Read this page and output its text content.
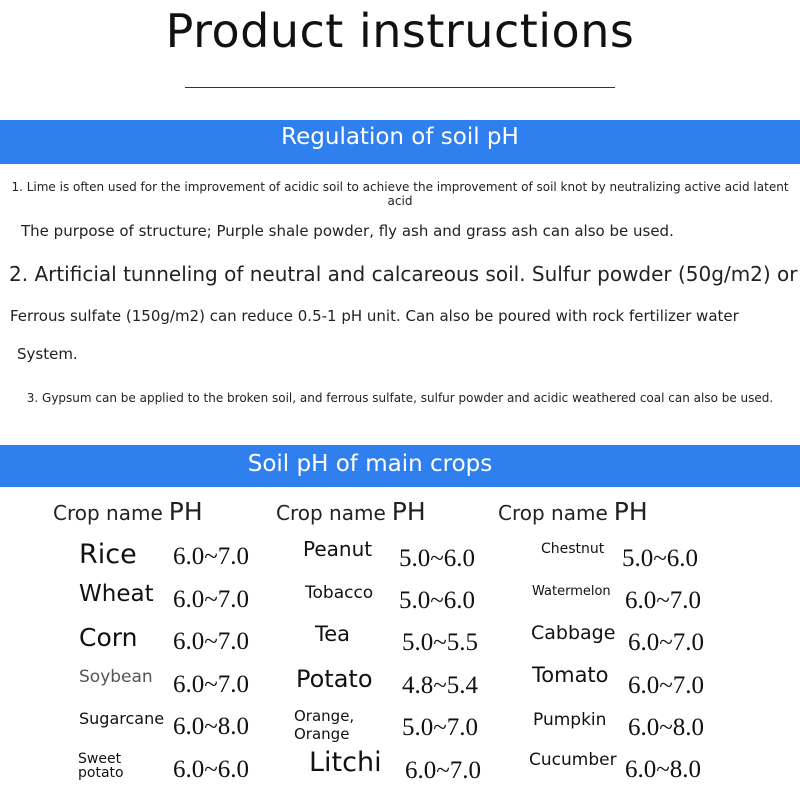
Product instructions
Regulation of soil pH
1. Lime is often used for the improvement of acidic soil to achieve the improvement of soil knot by neutralizing active acid latent acid
The purpose of structure; Purple shale powder, fly ash and grass ash can also be used.
2. Artificial tunneling of neutral and calcareous soil. Sulfur powder (50g/m2) or
Ferrous sulfate (150g/m2) can reduce 0.5-1 pH unit. Can also be poured with rock fertilizer water
System.
3. Gypsum can be applied to the broken soil, and ferrous sulfate, sulfur powder and acidic weathered coal can also be used.
Soil pH of main crops
Crop name PH	Crop name PH	Crop name PH
Rice 6.0~7.0
Wheat 6.0~7.0
Corn 6.0~7.0
Soybean 6.0~7.0
Sugarcane 6.0~8.0
Sweet
potato 6.0~6.0
Peanut 5.0~6.0
Tobacco 5.0~6.0
Tea 5.0~5.5
Potato 4.8~5.4
Orange,
Orange 5.0~7.0
Litchi 6.0~7.0
Chestnut 5.0~6.0
Watermelon 6.0~7.0
Cabbage 6.0~7.0
Tomato 6.0~7.0
Pumpkin 6.0~8.0
Cucumber 6.0~8.0
